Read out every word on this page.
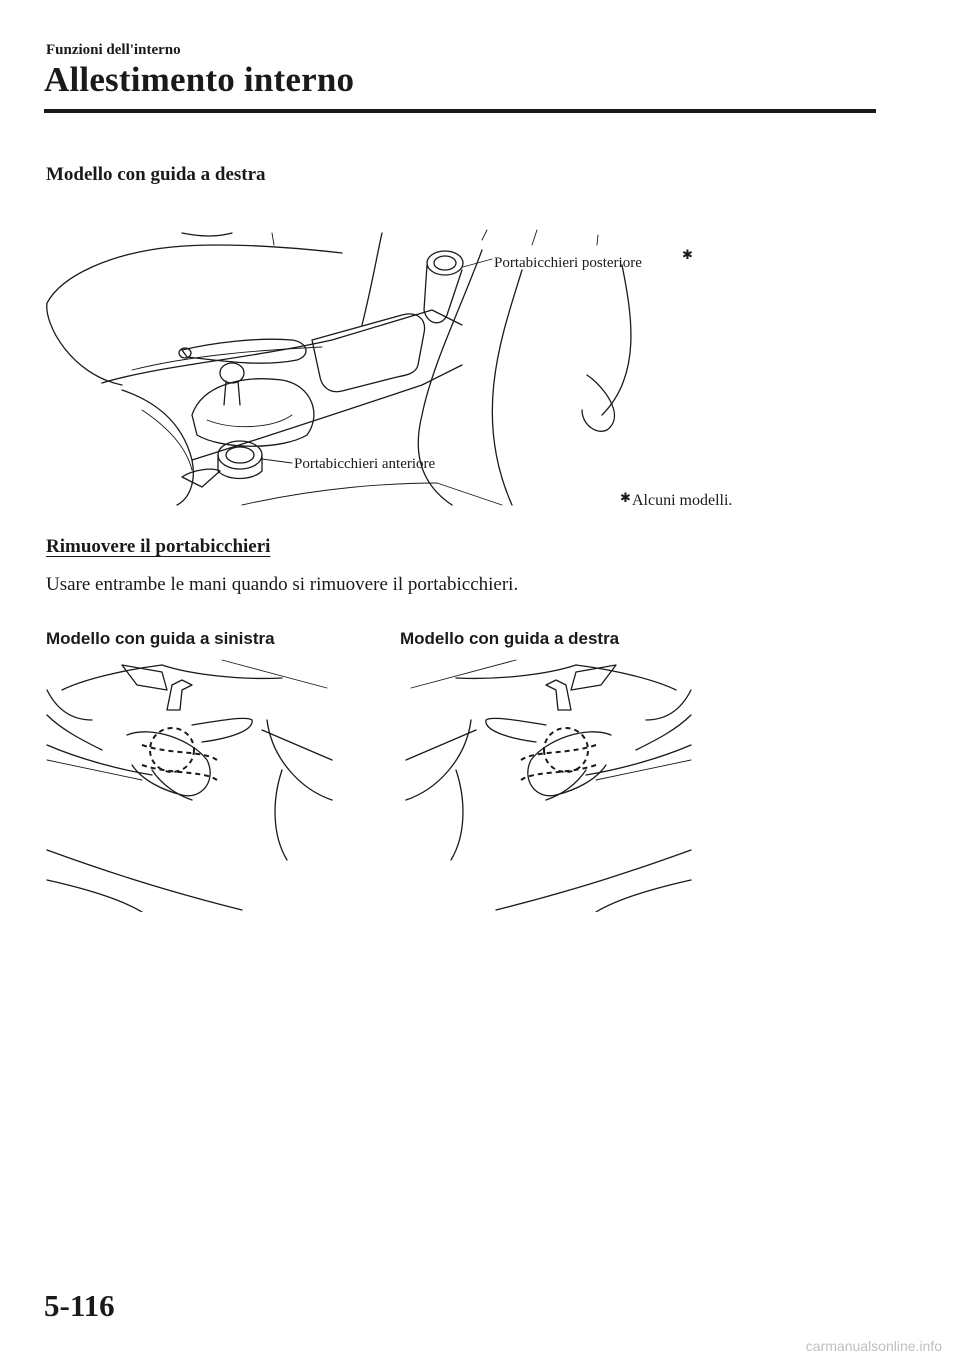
Funzioni dell'interno
Allestimento interno
Modello con guida a destra
Portabicchieri posteriore
✱
Portabicchieri anteriore
✱ Alcuni modelli.
Rimuovere il portabicchieri
Usare entrambe le mani quando si rimuovere il portabicchieri.
Modello con guida a sinistra	Modello con guida a destra
5-116
carmanualsonline.info
